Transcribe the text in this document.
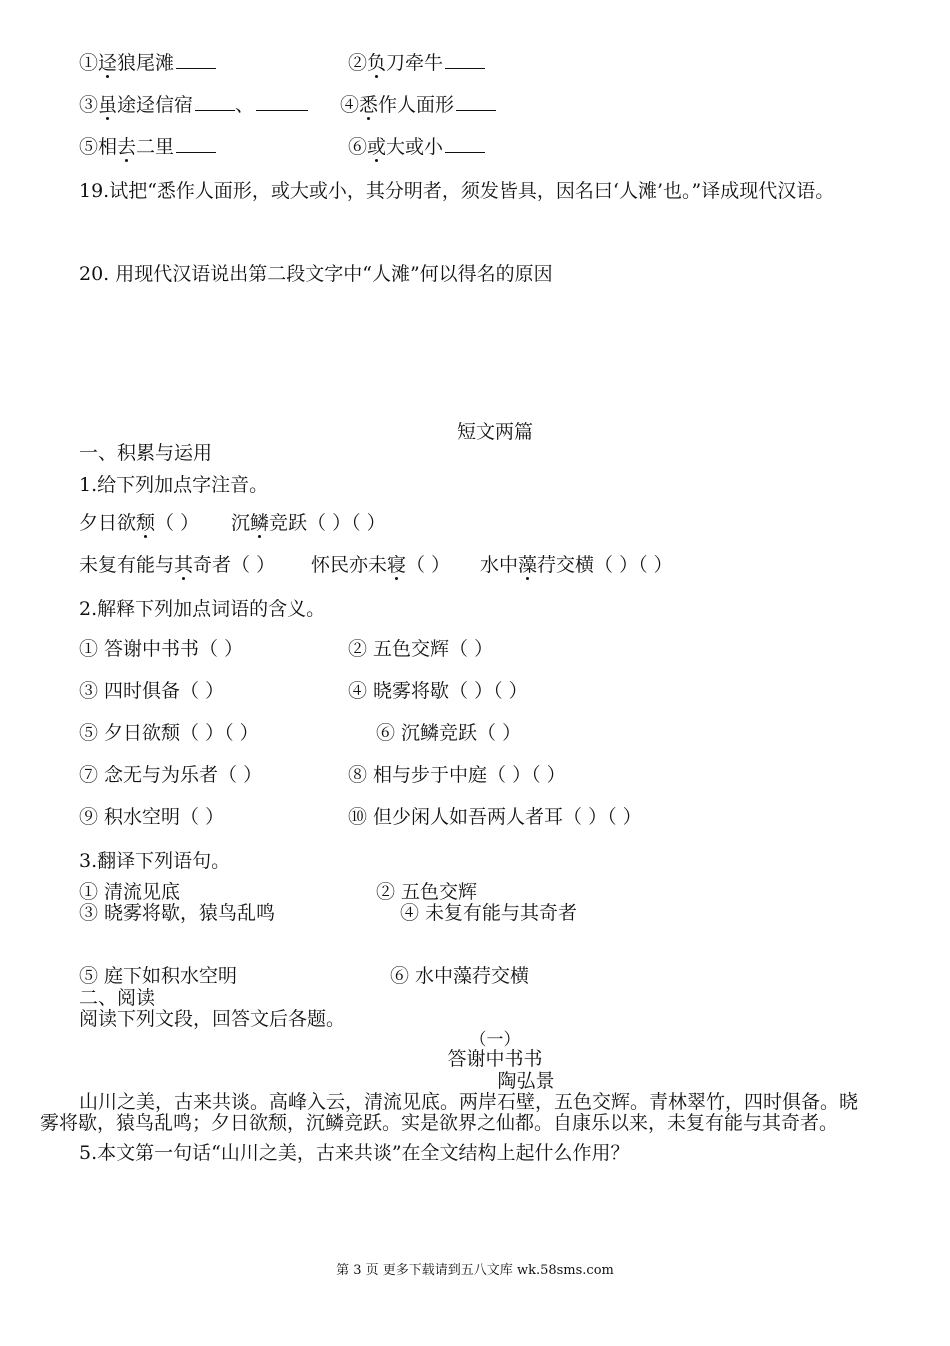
①迳狼尾滩	②负刀牵牛
③虽途迳信宿 、	④悉作人面形
⑤相去二里	⑥或大或小
19.试把“悉作人面形，或大或小，其分明者，须发皆具，因名曰‘人滩’也。”译成现代汉语。
20. 用现代汉语说出第二段文字中“人滩”何以得名的原因
短文两篇
一、积累与运用
1.给下列加点字注音。
夕日欲颓（ ） 沉鳞竞跃（ ）（ ）
未复有能与其奇者（ ） 怀民亦未寝（ ） 水中藻荇交横（ ）（ ）
2.解释下列加点词语的含义。
① 答谢中书书（ ）	② 五色交辉（ ）
③ 四时俱备（ ）	④ 晓雾将歇（ ）（ ）
⑤ 夕日欲颓（ ）（ ）	⑥ 沉鳞竞跃（ ）
⑦ 念无与为乐者（ ）	⑧ 相与步于中庭（ ）（ ）
⑨ 积水空明（ ）	⑩ 但少闲人如吾两人者耳（ ）（ ）
3.翻译下列语句。
① 清流见底	② 五色交辉
③ 晓雾将歇，猿鸟乱鸣	④ 未复有能与其奇者
⑤ 庭下如积水空明	⑥ 水中藻荇交横
二、阅读
阅读下列文段，回答文后各题。
（一）
答谢中书书
陶弘景
山川之美，古来共谈。高峰入云，清流见底。两岸石壁，五色交辉。青林翠竹，四时俱备。晓
雾将歇，猿鸟乱鸣；夕日欲颓，沉鳞竞跃。实是欲界之仙都。自康乐以来，未复有能与其奇者。
5.本文第一句话“山川之美，古来共谈”在全文结构上起什么作用？
第 3 页 更多下载请到五八文库 wk.58sms.com
